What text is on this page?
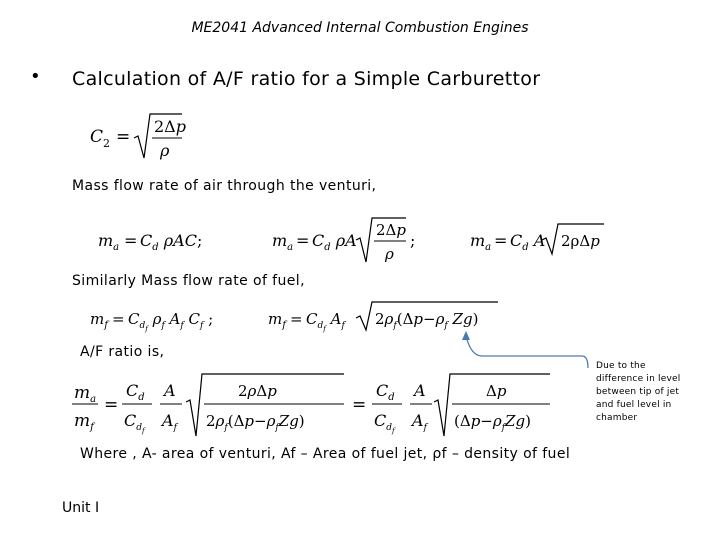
ME2041 Advanced Internal Combustion Engines
• Calculation of A/F ratio for a Simple Carburettor
C 2 =
2Δp
ρ
Mass flow rate of air through the venturi,
$m_a = C_d$ ρAC;	$m_a = C_d$ ρA
2Δp
ρ
;	$m_a = C_d$ A 2ρΔp
Similarly Mass flow rate of fuel,
$m_f = C_{d_f}$ $\rho_f$ $A_f$ $C_f$ ;	$m_f = C_{d_f}$ $A_f$ $2\rho_f(\Delta p-\rho_f$ Zg)
A/F ratio is,
Due to the difference in level between tip of jet and fuel level in chamber
$m_a$
$m_f$
=
$C_d$
$C_{d_f}$
A
$A_f$
2ρΔp
$2\rho_f(\Delta p-\rho_fZg)$
=
$C_d$
$C_{d_f}$
A
$A_f$
Δp
$(\Delta p-\rho_fZg)$
Where , A- area of venturi, Af – Area of fuel jet, ρf – density of fuel
Unit I
